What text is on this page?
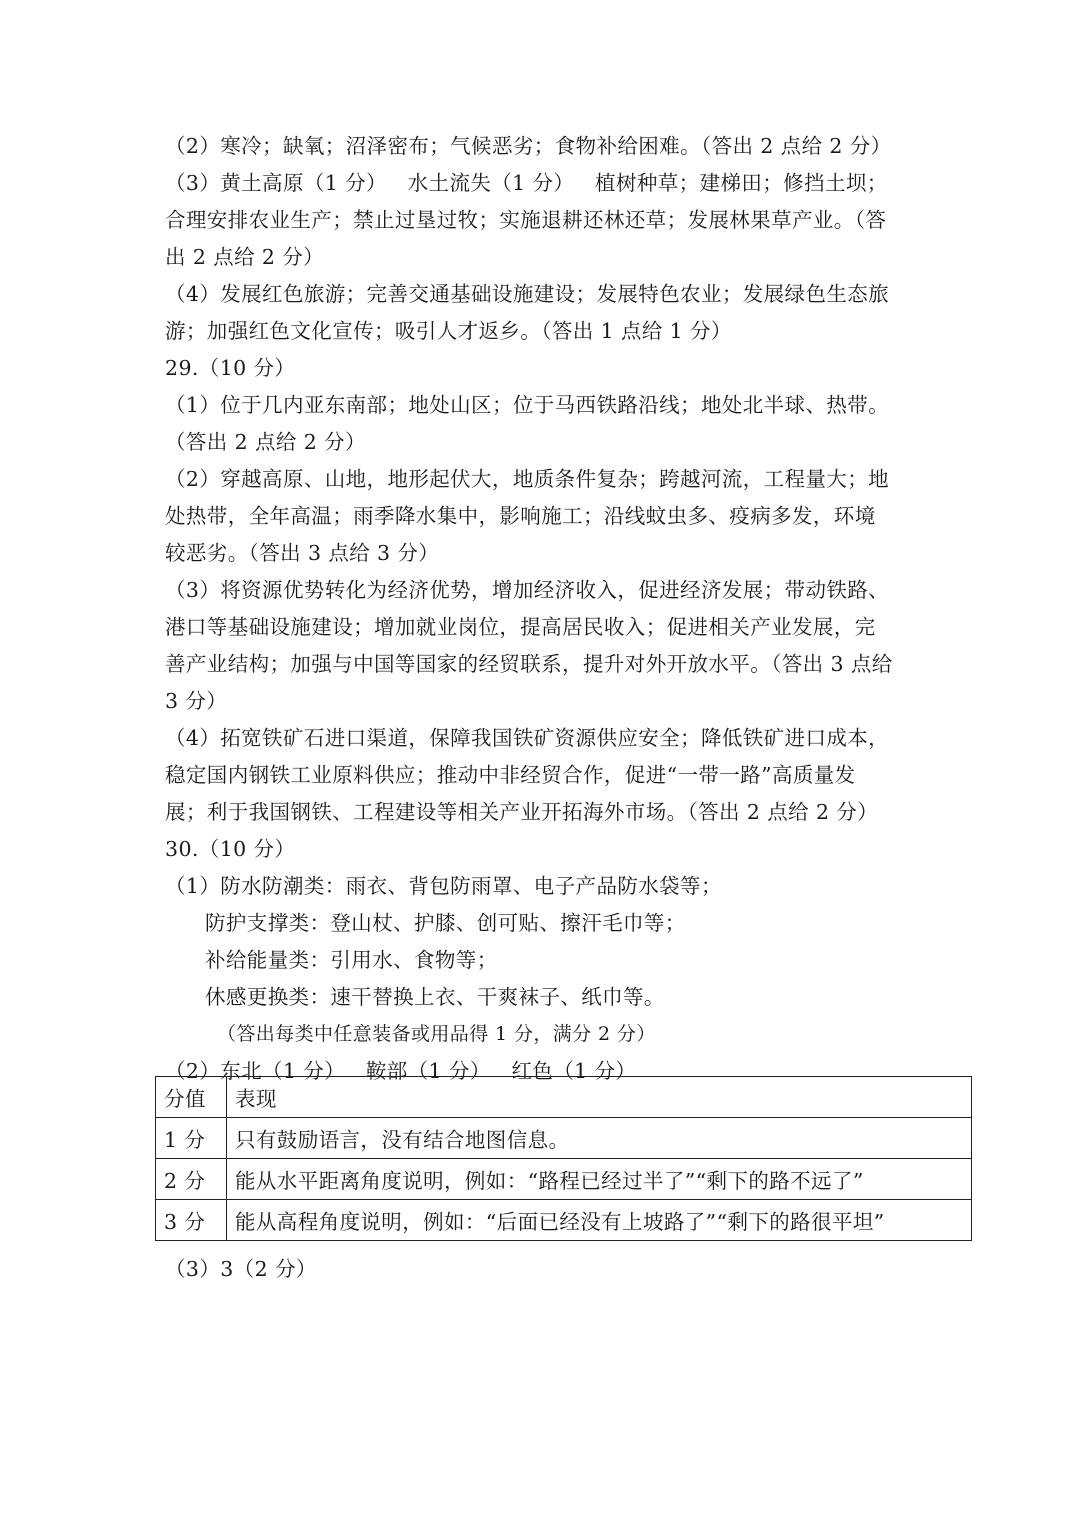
（2）寒冷；缺氧；沼泽密布；气候恶劣；食物补给困难。（答出 2 点给 2 分）
（3）黄土高原（1 分）   水土流失（1 分）   植树种草；建梯田；修挡土坝；
合理安排农业生产；禁止过垦过牧；实施退耕还林还草；发展林果草产业。（答
出 2 点给 2 分）
（4）发展红色旅游；完善交通基础设施建设；发展特色农业；发展绿色生态旅
游；加强红色文化宣传；吸引人才返乡。（答出 1 点给 1 分）
29.（10 分）
（1）位于几内亚东南部；地处山区；位于马西铁路沿线；地处北半球、热带。
（答出 2 点给 2 分）
（2）穿越高原、山地，地形起伏大，地质条件复杂；跨越河流，工程量大；地
处热带，全年高温；雨季降水集中，影响施工；沿线蚊虫多、疫病多发，环境
较恶劣。（答出 3 点给 3 分）
（3）将资源优势转化为经济优势，增加经济收入，促进经济发展；带动铁路、
港口等基础设施建设；增加就业岗位，提高居民收入；促进相关产业发展，完
善产业结构；加强与中国等国家的经贸联系，提升对外开放水平。（答出 3 点给
3 分）
（4）拓宽铁矿石进口渠道，保障我国铁矿资源供应安全；降低铁矿进口成本，
稳定国内钢铁工业原料供应；推动中非经贸合作，促进“一带一路”高质量发
展；利于我国钢铁、工程建设等相关产业开拓海外市场。（答出 2 点给 2 分）
30.（10 分）
（1）防水防潮类：雨衣、背包防雨罩、电子产品防水袋等；
防护支撑类：登山杖、护膝、创可贴、擦汗毛巾等；
补给能量类：引用水、食物等；
休感更换类：速干替换上衣、干爽袜子、纸巾等。
（答出每类中任意装备或用品得 1 分，满分 2 分）
（2）东北（1 分）   鞍部（1 分）   红色（1 分）
分值	表现
1 分	只有鼓励语言，没有结合地图信息。
2 分	能从水平距离角度说明，例如：“路程已经过半了”“剩下的路不远了”
3 分	能从高程角度说明，例如：“后面已经没有上坡路了”“剩下的路很平坦”
（3）3（2 分）
